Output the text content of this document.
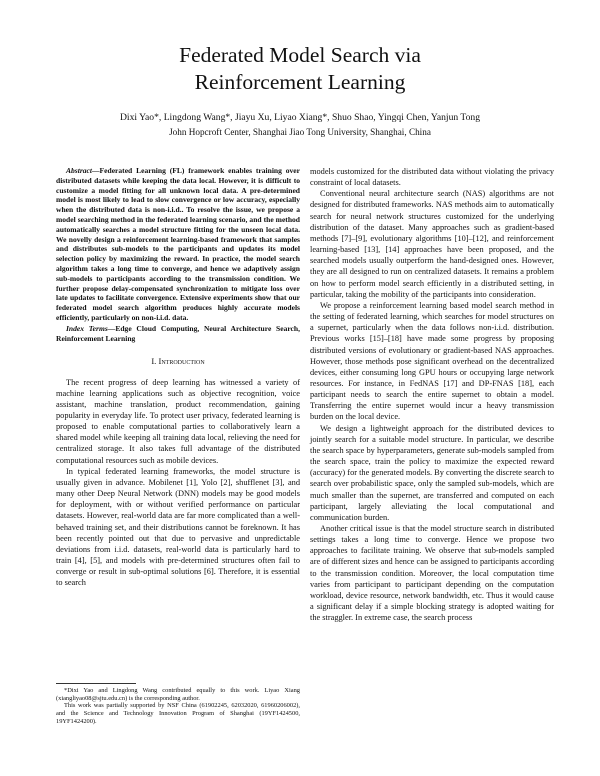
Federated Model Search via
Reinforcement Learning
Dixi Yao*, Lingdong Wang*, Jiayu Xu, Liyao Xiang*, Shuo Shao, Yingqi Chen, Yanjun Tong
John Hopcroft Center, Shanghai Jiao Tong University, Shanghai, China

Abstract—Federated Learning (FL) framework enables training over distributed datasets while keeping the data local. However, it is difficult to customize a model fitting for all unknown local data. A pre-determined model is most likely to lead to slow convergence or low accuracy, especially when the distributed data is non-i.i.d.. To resolve the issue, we propose a model searching method in the federated learning scenario, and the method automatically searches a model structure fitting for the unseen local data. We novelly design a reinforcement learning-based framework that samples and distributes sub-models to the participants and updates its model selection policy by maximizing the reward. In practice, the model search algorithm takes a long time to converge, and hence we adaptively assign sub-models to participants according to the transmission condition. We further propose delay-compensated synchronization to mitigate loss over late updates to facilitate convergence. Extensive experiments show that our federated model search algorithm produces highly accurate models efficiently, particularly on non-i.i.d. data.

Index Terms—Edge Cloud Computing, Neural Architecture Search, Reinforcement Learning

I. Introduction

The recent progress of deep learning has witnessed a variety of machine learning applications such as objective recognition, voice assistant, machine translation, product recommendation, gaining popularity in everyday life. To protect user privacy, federated learning is proposed to enable computational parties to collaboratively learn a shared model while keeping all training data local, relieving the need for centralized storage. It also takes full advantage of the distributed computational resources such as mobile devices.

In typical federated learning frameworks, the model structure is usually given in advance. Mobilenet [1], Yolo [2], shufflenet [3], and many other Deep Neural Network (DNN) models may be good models for deployment, with or without verified performance on particular datasets. However, real-world data are far more complicated than a well-behaved training set, and their distributions cannot be foreknown. It has been recently pointed out that due to pervasive and unpredictable deviations from i.i.d. datasets, real-world data is particularly hard to train [4], [5], and models with pre-determined structures often fail to converge or result in sub-optimal solutions [6]. Therefore, it is essential to search

models customized for the distributed data without violating the privacy constraint of local datasets.

Conventional neural architecture search (NAS) algorithms are not designed for distributed frameworks. NAS methods aim to automatically search for neural network structures customized for the underlying distribution of the dataset. Many approaches such as gradient-based methods [7]–[9], evolutionary algorithms [10]–[12], and reinforcement learning-based [13], [14] approaches have been proposed, and the searched models usually outperform the hand-designed ones. However, they are all designed to run on centralized datasets. It remains a problem on how to perform model search efficiently in a distributed setting, in particular, taking the mobility of the participants into consideration.

We propose a reinforcement learning based model search method in the setting of federated learning, which searches for model structures on a supernet, particularly when the data follows non-i.i.d. distribution. Previous works [15]–[18] have made some progress by proposing distributed versions of evolutionary or gradient-based NAS approaches. However, those methods pose significant overhead on the decentralized devices, either consuming long GPU hours or occupying large network resources. For instance, in FedNAS [17] and DP-FNAS [18], each participant needs to search the entire supernet to obtain a model. Transferring the entire supernet would incur a heavy transmission burden on the local device.

We design a lightweight approach for the distributed devices to jointly search for a suitable model structure. In particular, we describe the search space by hyperparameters, generate sub-models sampled from the search space, train the policy to maximize the expected reward (accuracy) for the generated models. By converting the discrete search to search over probabilistic space, only the sampled sub-models, which are much smaller than the supernet, are transferred and computed on each participant, largely alleviating the local computational and communication burden.

Another critical issue is that the model structure search in distributed settings takes a long time to converge. Hence we propose two approaches to facilitate training. We observe that sub-models sampled are of different sizes and hence can be assigned to participants according to the transmission condition. Moreover, the local computation time varies from participant to participant depending on the computation workload, device resource, network bandwidth, etc. Thus it would cause a significant delay if a simple blocking strategy is adopted waiting for the straggler. In extreme case, the search process

*Dixi Yao and Lingdong Wang contributed equally to this work. Liyao Xiang (xiangliyao08@sjtu.edu.cn) is the corresponding author.

This work was partially supported by NSF China (61902245, 62032020, 61960206002), and the Science and Technology Innovation Program of Shanghai (19YF1424500, 19YF1424200).
